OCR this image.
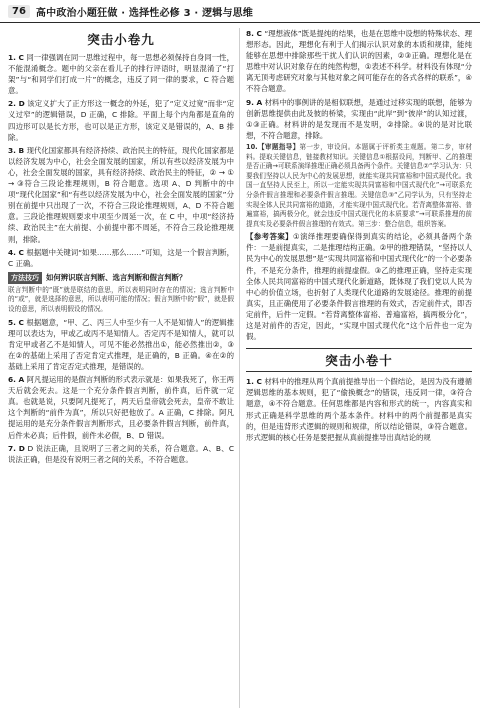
76	高中政治小题狂做 · 选择性必修 3 · 逻辑与思维
突击小卷九

1. C 同一律强调在同一思维过程中，每一思想必须保持自身同一性，不能混淆概念。题中的父亲在看儿子的排行评语时，明显混淆了“打架”与“和同学们打成一片”的概念，违反了同一律的要求，C 符合题意。

2. D 该定义扩大了正方形这一概念的外延，犯了“定义过宽”而非“定义过窄”的逻辑错误，D 正确，C 排除。平面上每个内角都是直角的四边形可以是长方形，也可以是正方形，该定义是错误的，A、B 排除。

3. B 现代化国家都具有经济持续、政治民主的特征，现代化国家都是以经济发展为中心，社会全面发展的国家，所以有些以经济发展为中心，社会全面发展的国家，具有经济持续、政治民主的特征，② → ① → ③符合三段论推理规则，B 符合题意。选项 A、D 判断中的中项“现代化国家”和“有些以经济发展为中心，社会全面发展的国家”分别在前提中只出现了一次，不符合三段论推理规则，A、D 不符合题意。三段论推理规则要求中项至少周延一次，在 C 中，中项“经济持续、政治民主”在大前提、小前提中都不周延，不符合三段论推理规则，排除。

4. C 根据题中关键词“如果……那么……”可知，这是一个假言判断，C 正确。

方法技巧 如何辨识联言判断、选言判断和假言判断？

联言判断中的“既”就是联结的意思，所以表明同时存在的情况；选言判断中的“或”，就是选择的意思，所以表明可能的情况；假言判断中的“假”，就是假设的意思，所以表明假设的情况。

5. C 根据题意，“甲、乙、丙三人中至少有一人不是知情人”的逻辑推理可以表达为，甲或乙或丙不是知情人。否定丙不是知情人，就可以肯定甲或者乙不是知情人，可见不能必然推出①，能必然推出②，③在②的基础上采用了否定肯定式推理，是正确的，B 正确。④在②的基础上采用了肯定否定式推理，是错误的。

6. A 阿凡提运用的是假言判断的形式表示就是：如果我死了，你王两天后就会死去。这是一个充分条件假言判断，前件真，后件就一定真。也就是说，只要阿凡提死了，两天后皇帝就会死去，皇帝不敢让这个判断的“前件为真”，所以只好把他放了。A 正确，C 排除。阿凡提运用的是充分条件假言判断形式，且必要条件假言判断，前件真，后件未必真；后件假，前件未必假，B、D 错误。

7. D D 说法正确，且说明了三者之间的关系，符合题意。A、B、C 说法正确，但是没有说明三者之间的关系，不符合题意。

8. C “理想液体”既是提纯的结果，也是在思维中设想的特殊状态、理想形态。因此，理想化有利于人们揭示认识对象的本质和规律，能纯能够在思想中排除那些干扰人们认识的因素，②③正确。理想化是在思维中对认识对象存在的纯然构想，①表述不科学。材料没有体现“分离无顶考虑研究对象与其他对象之间可能存在的各式各样的联系”，④不符合题意。

9. A 材料中的事例讲的是相似联想，是通过过移实现的联想，能够为创新思维提供由此及彼的桥梁，实现由“此岸”到“彼岸”的认知过渡，①③正确。材料讲的是发现而不是发明，②排除。④说的是对比联想，不符合题意，排除。

10.【审题指导】第一步，审设问。本题属于评析类主观题。第二步，审材料。提取关键信息，链接教材知识。关键信息①根据设问，判断甲、乙的推理是否正确→可联系演绎推理正确必须具备两个条件。关键信息②“学习认为：只要我们坚持以人民为中心的发展思想，就能实现共同富裕和中国式现代化。我国一直坚持人民至上，所以一定能实现共同富裕和中国式现代化”→可联系充分条件假言推理和必要条件假言推理。关键信息③“乙同学认为，只有坚持走实现全体人民共同富裕的道路，才能实现中国式现代化。若背离整体富裕、普遍富裕，搞两极分化，就会违反中国式现代化的本质要求”→可联系推理的前提真实及必要条件假言推理的有效式。第三步：整合信息，组织答案。

【参考答案】①演绎推理要确保得到真实的结论，必须具备两个条件：一是前提真实，二是推理结构正确。②甲的推理错误，“坚持以人民为中心的发展思想”是“实现共同富裕和中国式现代化”的一个必要条件，不是充分条件，推理的前提虚假。③乙的推理正确，坚持走实现全体人民共同富裕的中国式现代化新道路，既体现了我们党以人民为中心的价值立场，也折射了人类现代化道路的发展途径。推理的前提真实，且正确使用了必要条件假言推理的有效式，否定前件式，即否定前件，后件一定假。“若背离整体富裕、普遍富裕，搞两极分化”，这是对前件的否定，因此，“实现中国式现代化”这个后件也一定为假。

突击小卷十

1. C 材料中的推理从两个真前提推导出一个假结论，是因为没有遵循逻辑思维的基本规则，犯了“偷换概念”的错误，违反同一律，③符合题意，④不符合题意。任何思维都是内容和形式的统一，内容真实和形式正确是科学思维的两个基本条件。材料中的两个前提都是真实的，但是违背形式逻辑的规则和规律，所以结论错误，③符合题意。形式逻辑的核心任务是要把握从真前提推导出真结论的规
